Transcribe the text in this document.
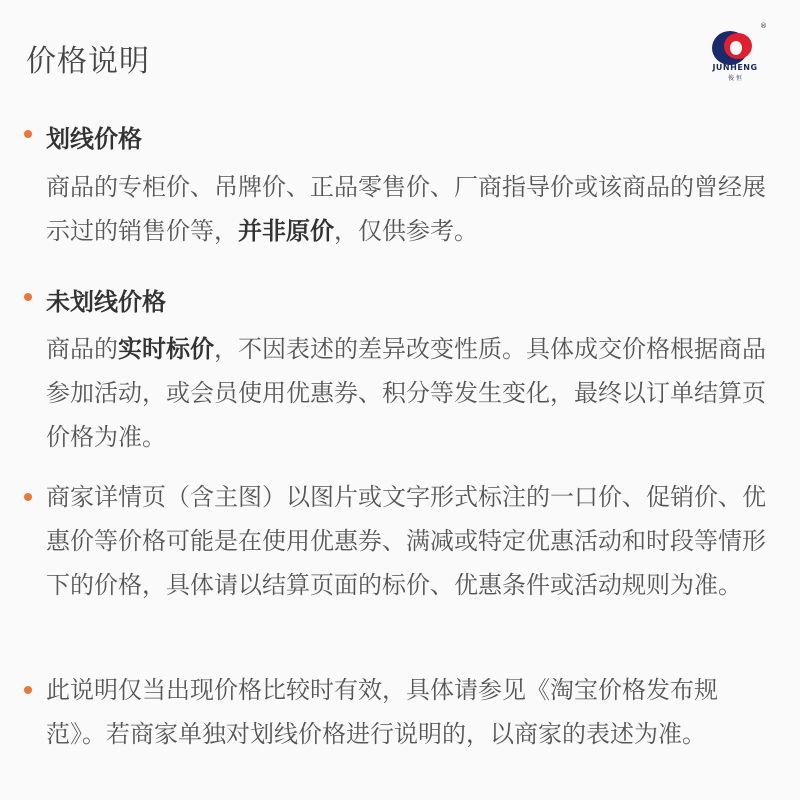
价格说明
®
JUNHENG
俊 恒
划线价格
商品的专柜价、吊牌价、正品零售价、厂商指导价或该商品的曾经展示过的销售价等，并非原价，仅供参考。
未划线价格
商品的实时标价，不因表述的差异改变性质。具体成交价格根据商品参加活动，或会员使用优惠券、积分等发生变化，最终以订单结算页价格为准。
商家详情页（含主图）以图片或文字形式标注的一口价、促销价、优惠价等价格可能是在使用优惠券、满减或特定优惠活动和时段等情形下的价格，具体请以结算页面的标价、优惠条件或活动规则为准。
此说明仅当出现价格比较时有效，具体请参见《淘宝价格发布规范》。若商家单独对划线价格进行说明的，以商家的表述为准。
